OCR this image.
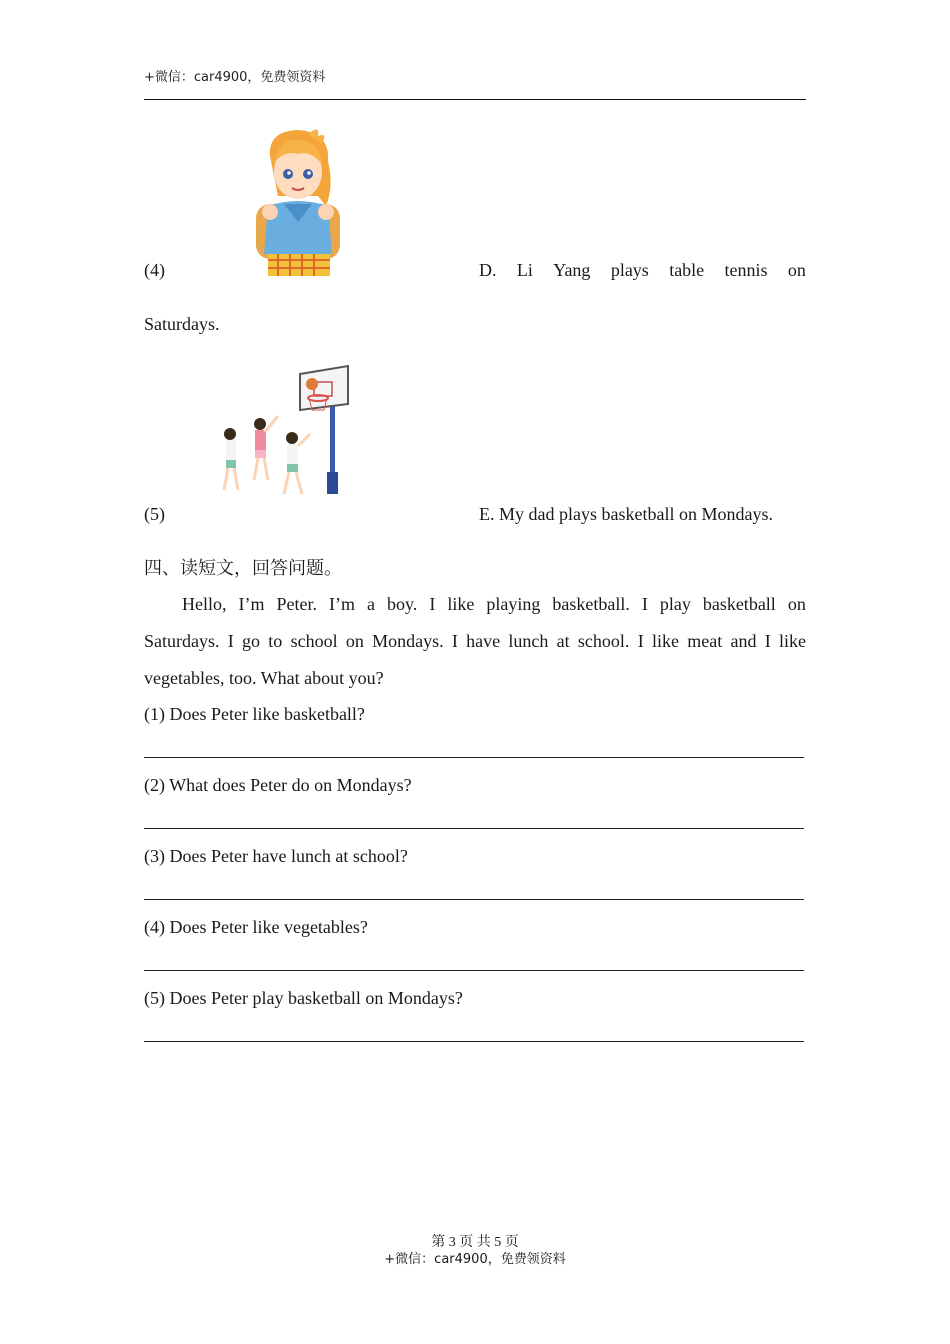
+微信：car4900，免费领资料
(4)	D. Li Yang plays table tennis on
Saturdays.
(5)	E. My dad plays basketball on Mondays.
四、读短文，回答问题。
Hello, I’m Peter. I’m a boy. I like playing basketball. I play basketball on
Saturdays. I go to school on Mondays. I have lunch at school. I like meat and I like
vegetables, too. What about you?
(1) Does Peter like basketball?
(2) What does Peter do on Mondays?
(3) Does Peter have lunch at school?
(4) Does Peter like vegetables?
(5) Does Peter play basketball on Mondays?
第 3 页 共 5 页
+微信：car4900，免费领资料
